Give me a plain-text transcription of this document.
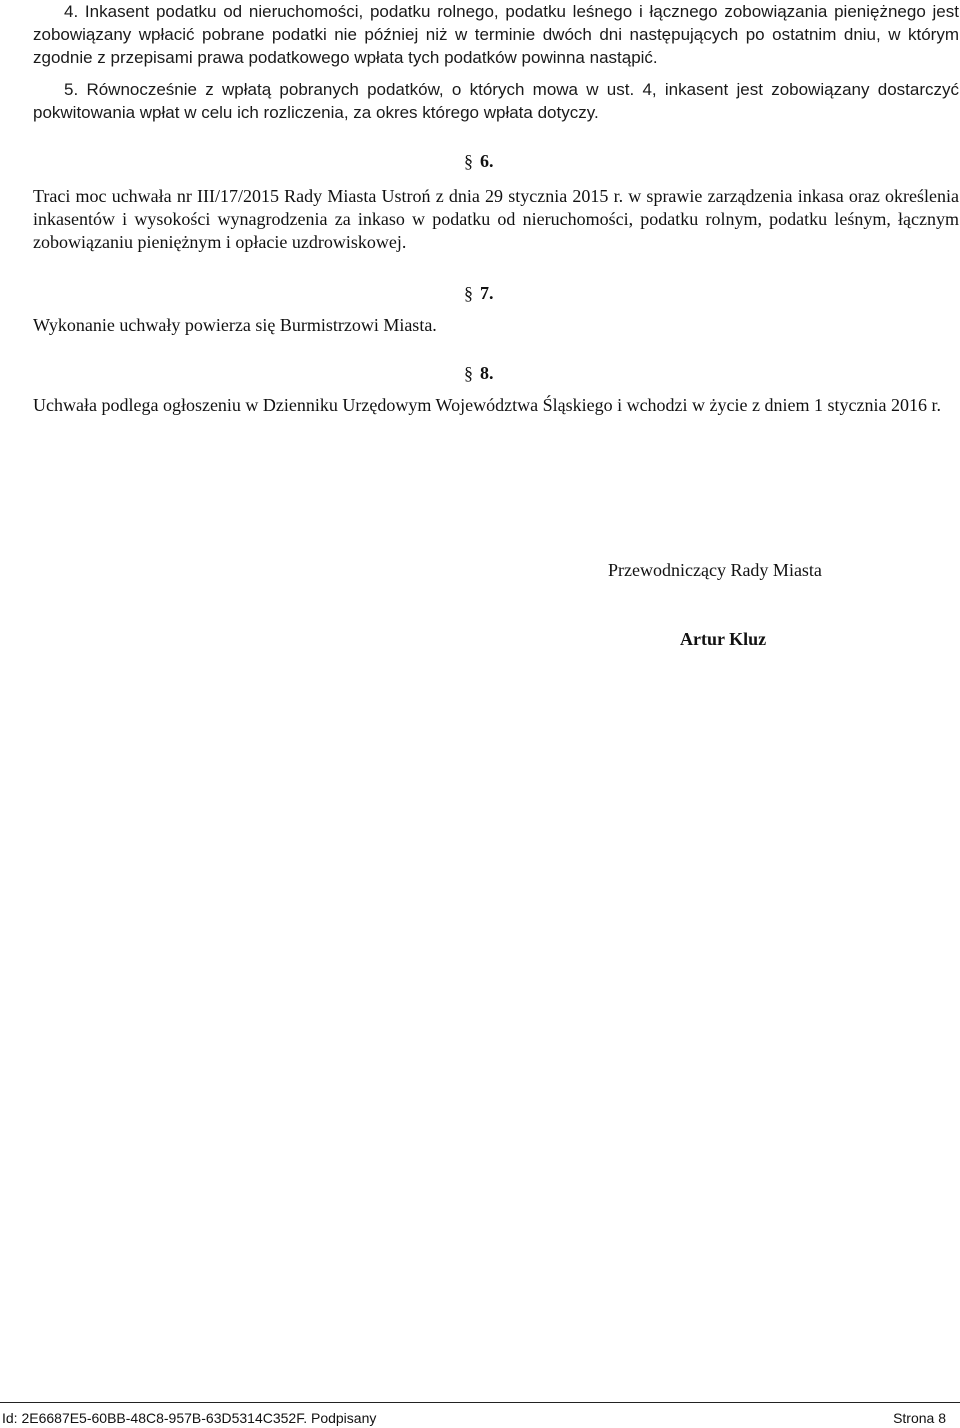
4. Inkasent podatku od nieruchomości, podatku rolnego, podatku leśnego i łącznego zobowiązania pieniężnego jest zobowiązany wpłacić pobrane podatki nie później niż w terminie dwóch dni następujących po ostatnim dniu, w którym zgodnie z przepisami prawa podatkowego wpłata tych podatków powinna nastąpić.

5. Równocześnie z wpłatą pobranych podatków, o których mowa w ust. 4, inkasent jest zobowiązany dostarczyć pokwitowania wpłat w celu ich rozliczenia, za okres którego wpłata dotyczy.

§ 6.

Traci moc uchwała nr III/17/2015 Rady Miasta Ustroń z dnia 29 stycznia 2015 r. w sprawie zarządzenia inkasa oraz określenia inkasentów i wysokości wynagrodzenia za inkaso w podatku od nieruchomości, podatku rolnym, podatku leśnym, łącznym zobowiązaniu pieniężnym i opłacie uzdrowiskowej.

§ 7.

Wykonanie uchwały powierza się Burmistrzowi Miasta.

§ 8.

Uchwała podlega ogłoszeniu w Dzienniku Urzędowym Województwa Śląskiego i wchodzi w życie z dniem 1 stycznia 2016 r.

Przewodniczący Rady Miasta

Artur Kluz

Id: 2E6687E5-60BB-48C8-957B-63D5314C352F. Podpisany	Strona 8
